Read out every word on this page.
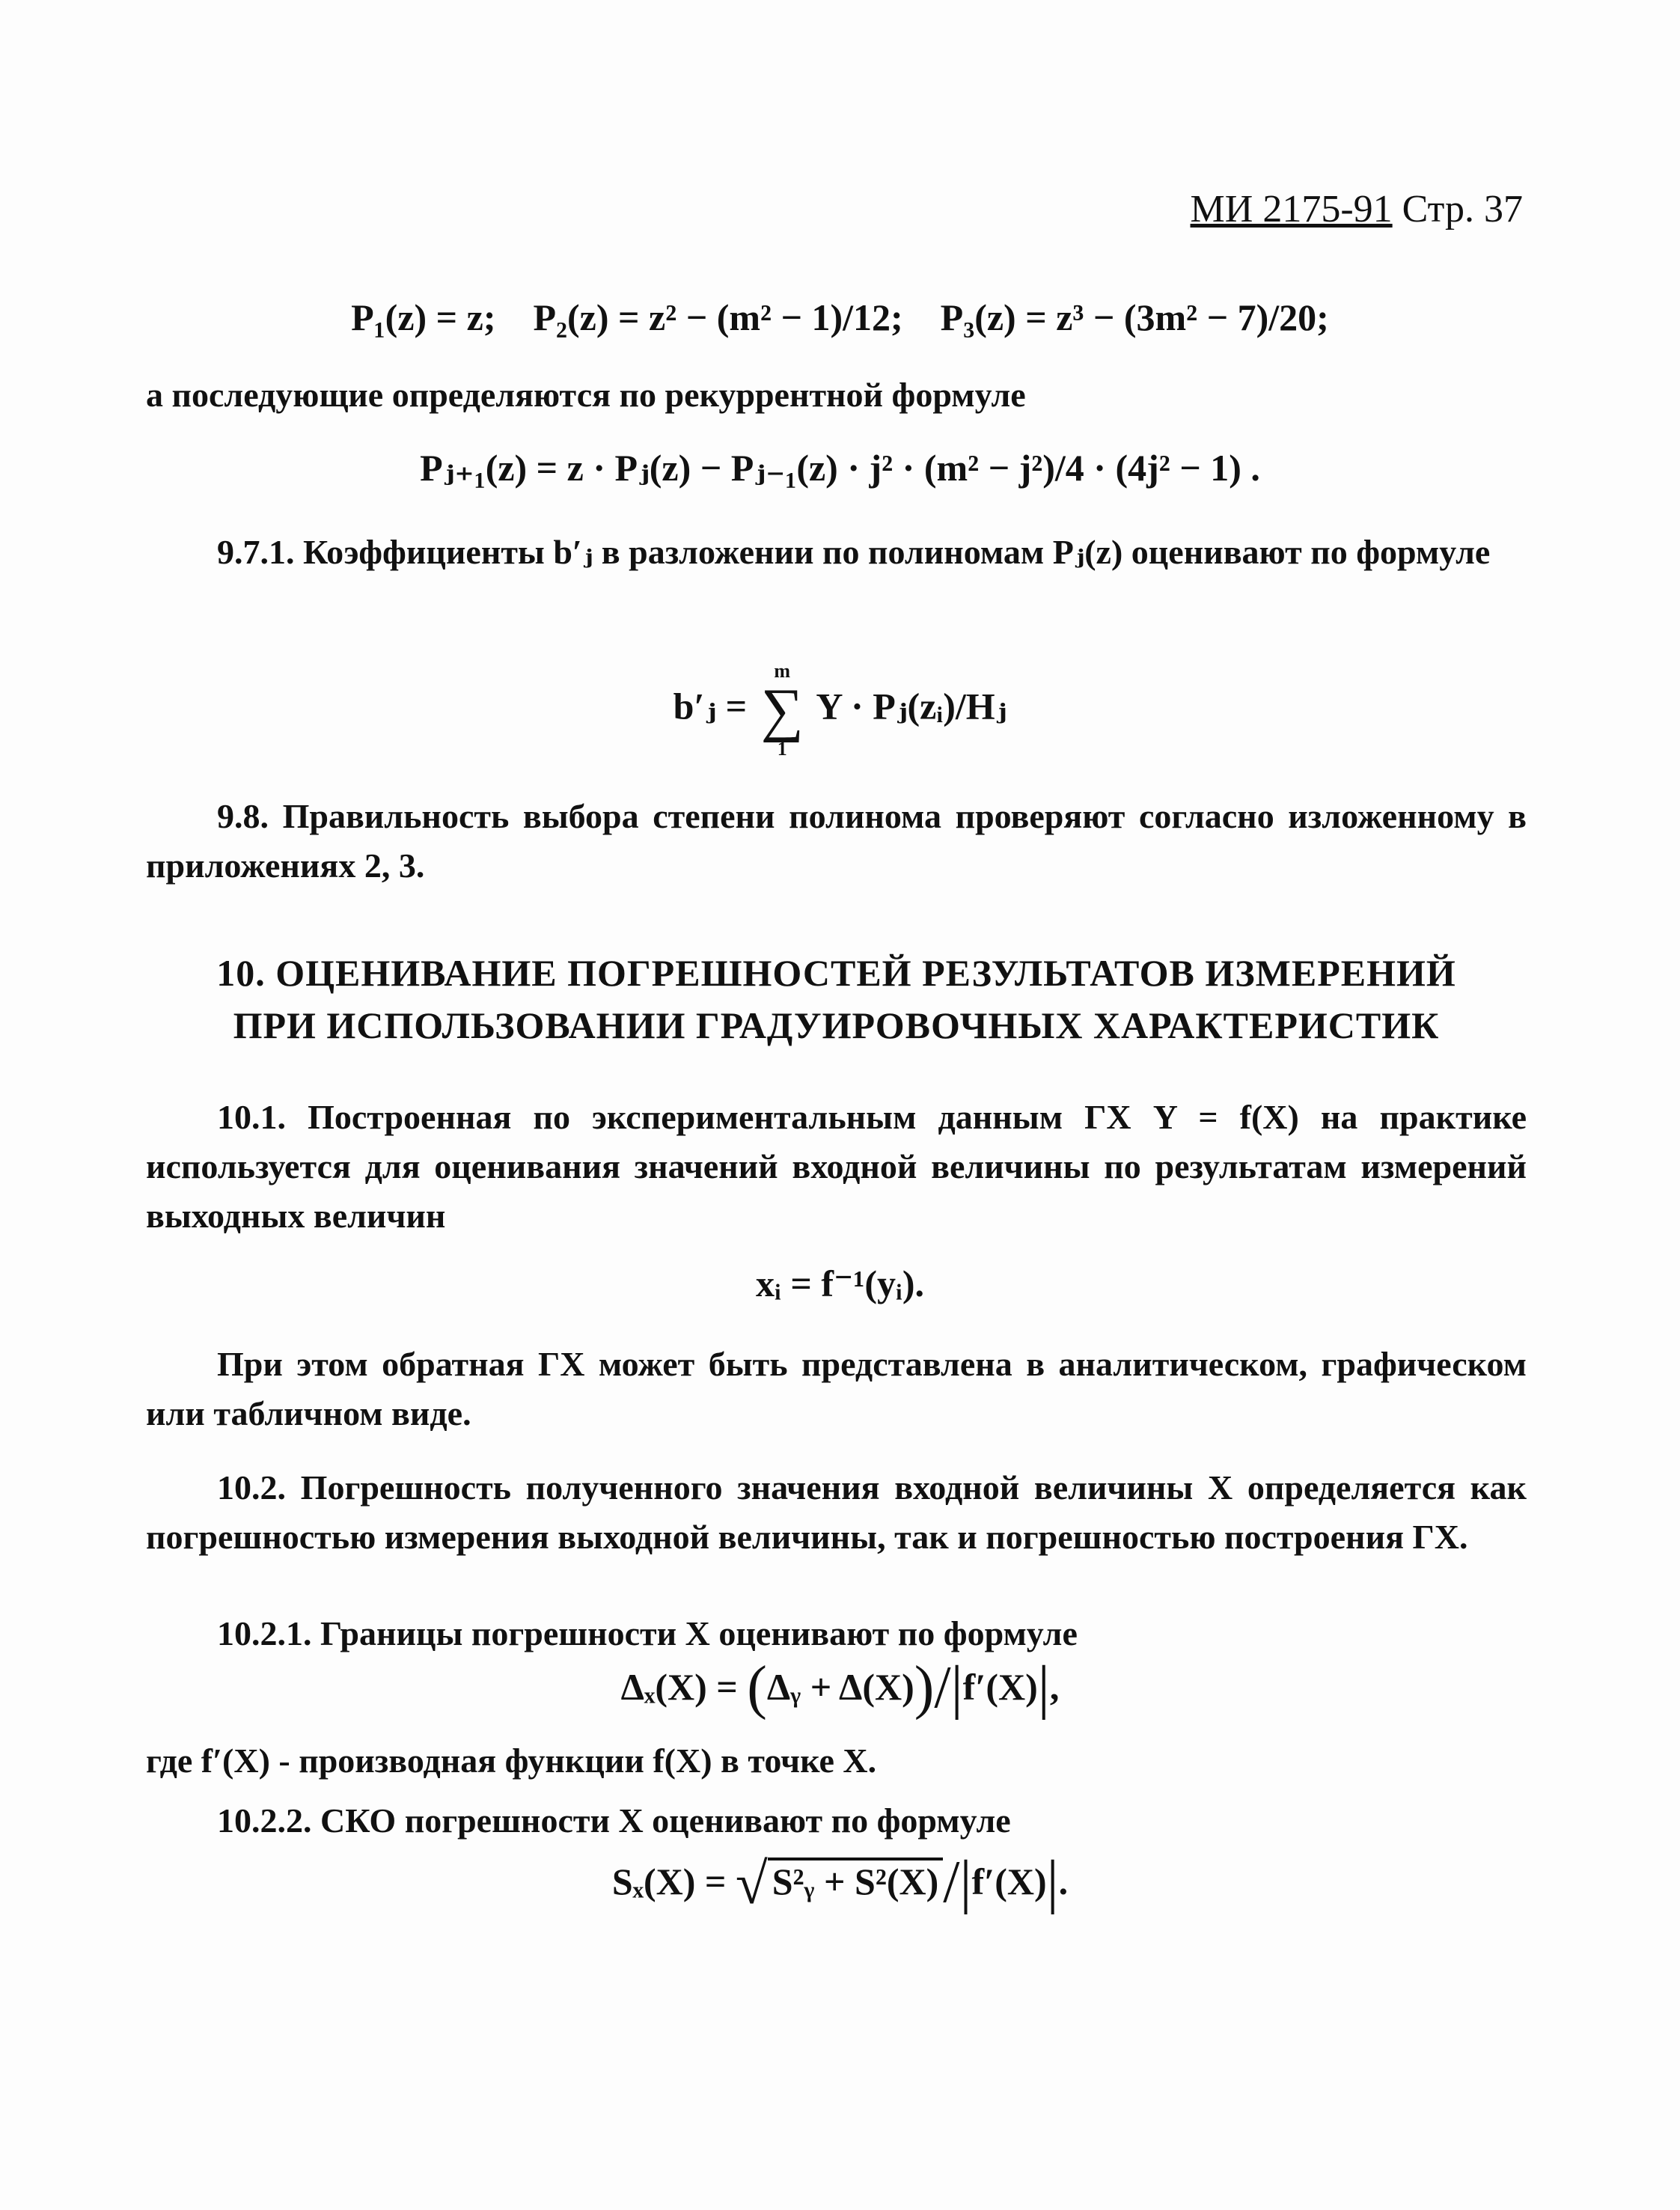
МИ 2175-91 Стр. 37
P₁(z) = z; P₂(z) = z² − (m² − 1)/12; P₃(z) = z³ − (3m² − 7)/20;
а последующие определяются по рекуррентной формуле
Pⱼ₊₁(z) = z · Pⱼ(z) − Pⱼ₋₁(z) · j² · (m² − j²)/4 · (4j² − 1) .
9.7.1. Коэффициенты b′ⱼ в разложении по полиномам Pⱼ(z) оценивают по формуле
b′ⱼ =
m
∑
1
Y · Pⱼ(zᵢ)/Hⱼ
9.8. Правильность выбора степени полинома проверяют согласно изложенному в приложениях 2, 3.
10. ОЦЕНИВАНИЕ ПОГРЕШНОСТЕЙ РЕЗУЛЬТАТОВ ИЗМЕРЕНИЙ
ПРИ ИСПОЛЬЗОВАНИИ ГРАДУИРОВОЧНЫХ ХАРАКТЕРИСТИК
10.1. Построенная по экспериментальным данным ГХ Y = f(X) на практике используется для оценивания значений входной величины по результатам измерений выходных величин
xᵢ = f⁻¹(yᵢ).
При этом обратная ГХ может быть представлена в аналитическом, графическом или табличном виде.
10.2. Погрешность полученного значения входной величины X определяется как погрешностью измерения выходной величины, так и погрешностью построения ГХ.
10.2.1. Границы погрешности X оценивают по формуле
Δₓ(X) = (Δᵧ + Δ(X))/|f′(X)|,
где f′(X) - производная функции f(X) в точке X.
10.2.2. СКО погрешности X оценивают по формуле
Sₓ(X) = √ S²ᵧ + S²(X)/|f′(X)|.
